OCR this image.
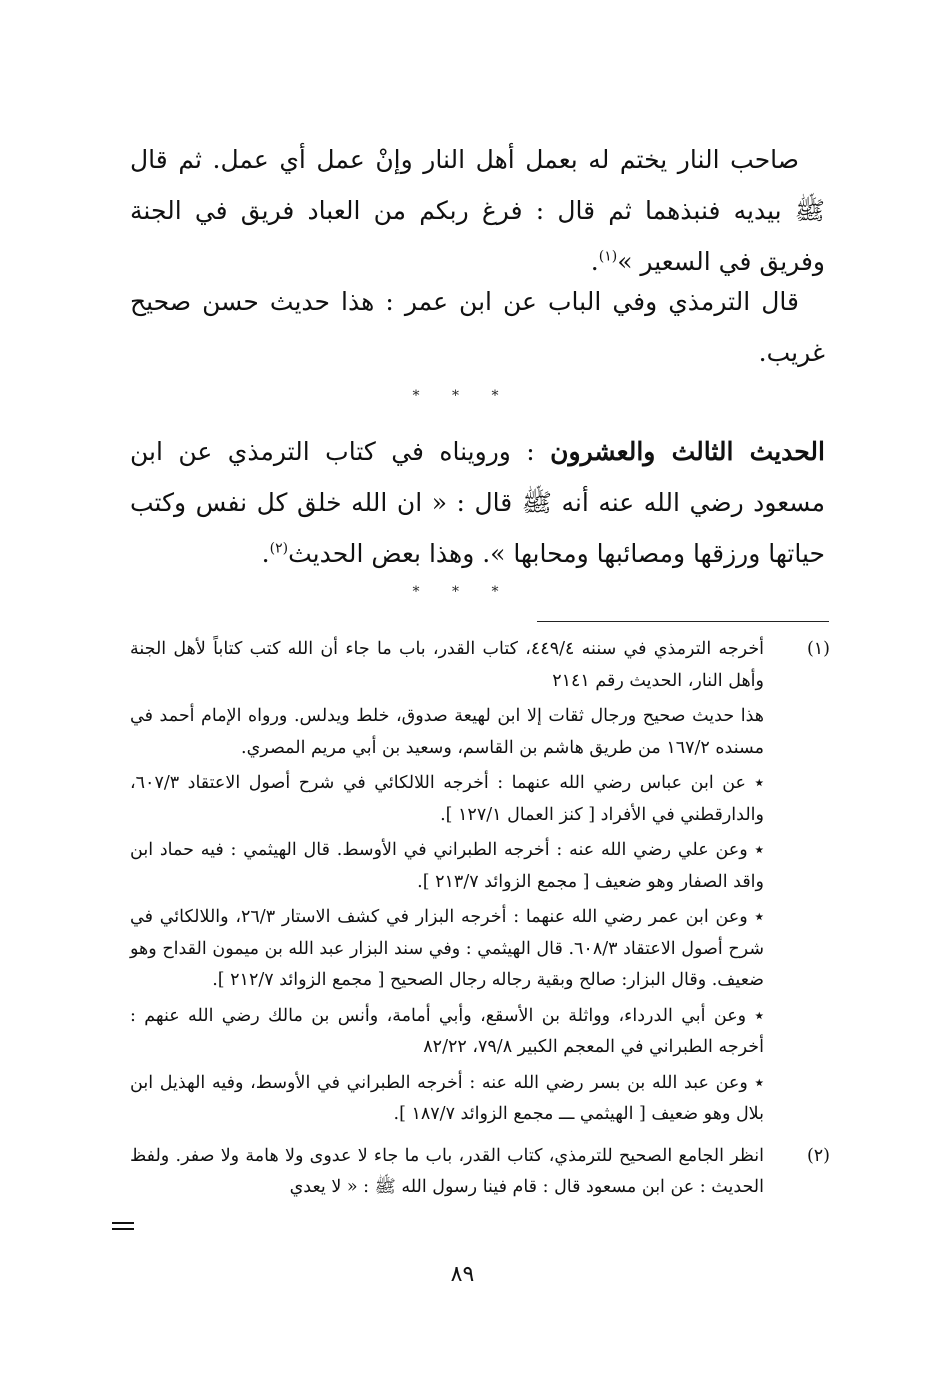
صاحب النار يختم له بعمل أهل النار وإنْ عمل أي عمل. ثم قال ﷺ بيديه فنبذهما ثم قال : فرغ ربكم من العباد فريق في الجنة وفريق في السعير »$^{(١)}$.

قال الترمذي وفي الباب عن ابن عمر : هذا حديث حسن صحيح غريب.

* * *

الحديث الثالث والعشرون : ورويناه في كتاب الترمذي عن ابن مسعود رضي الله عنه أنه ﷺ قال : « ان الله خلق كل نفس وكتب حياتها ورزقها ومصائبها ومحابها ». وهذا بعض الحديث$^{(٢)}$.

* * *
(١)

أخرجه الترمذي في سننه ٤٤٩/٤، كتاب القدر، باب ما جاء أن الله كتب كتاباً لأهل الجنة وأهل النار، الحديث رقم ٢١٤١

هذا حديث صحيح ورجال ثقات إلا ابن لهيعة صدوق، خلط ويدلس. ورواه الإمام أحمد في مسنده ١٦٧/٢ من طريق هاشم بن القاسم، وسعيد بن أبي مريم المصري.

٭ عن ابن عباس رضي الله عنهما : أخرجه اللالكائي في شرح أصول الاعتقاد ٦٠٧/٣، والدارقطني في الأفراد [ كنز العمال ١٢٧/١ ].

٭ وعن علي رضي الله عنه : أخرجه الطبراني في الأوسط. قال الهيثمي : فيه حماد ابن واقد الصفار وهو ضعيف [ مجمع الزوائد ٢١٣/٧ ].

٭ وعن ابن عمر رضي الله عنهما : أخرجه البزار في كشف الاستار ٢٦/٣، واللالكائي في شرح أصول الاعتقاد ٦٠٨/٣. قال الهيثمي : وفي سند البزار عبد الله بن ميمون القداح وهو ضعيف. وقال البزار: صالح وبقية رجاله رجال الصحيح [ مجمع الزوائد ٢١٢/٧ ].

٭ وعن أبي الدرداء، وواثلة بن الأسقع، وأبي أمامة، وأنس بن مالك رضي الله عنهم : أخرجه الطبراني في المعجم الكبير ٧٩/٨، ٨٢/٢٢

٭ وعن عبد الله بن بسر رضي الله عنه : أخرجه الطبراني في الأوسط، وفيه الهذيل ابن بلال وهو ضعيف [ الهيثمي ـــ مجمع الزوائد ١٨٧/٧ ].

(٢)

انظر الجامع الصحيح للترمذي، كتاب القدر، باب ما جاء لا عدوى ولا هامة ولا صفر. ولفظ الحديث : عن ابن مسعود قال : قام فينا رسول الله ﷺ : « لا يعدي

٨٩
